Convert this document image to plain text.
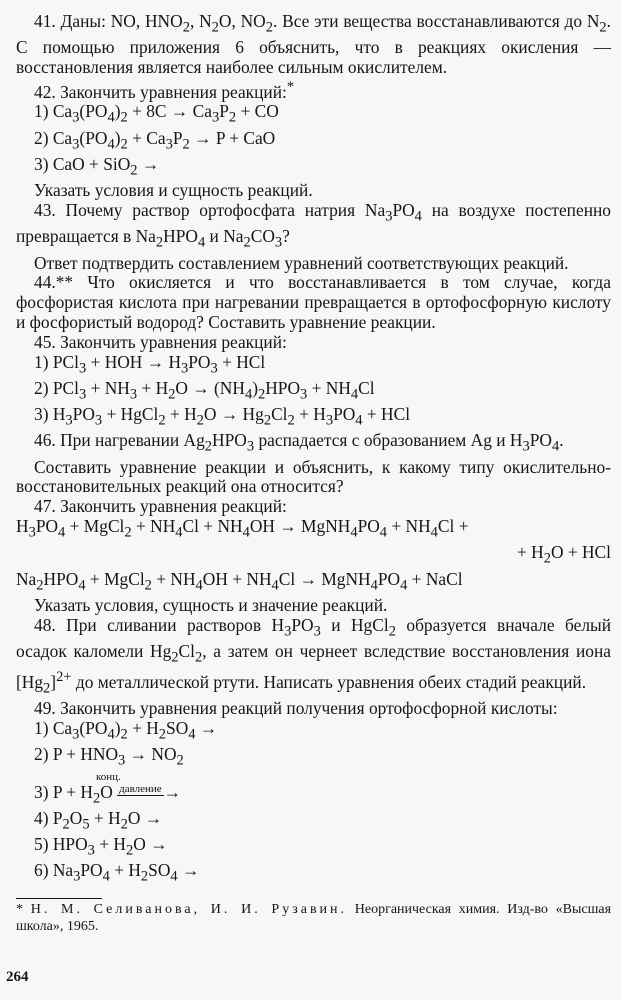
41. Даны: NO, $HNO_2$, $N_2O$, $NO_2$. Все эти вещества восстанавливаются до $N_2$. С помощью приложения 6 объяснить, что в реакциях окисления — восстановления является наиболее сильным окислителем.

42. Закончить уравнения реакций:*

1) $Ca_3(PO_4)_2 + 8C \to Ca_3P_2$ + CO

2) $Ca_3(PO_4)_2 + Ca_3P_2 \to P$ + CaO

3) CaO + SiO$_2$ →

Указать условия и сущность реакций.

43. Почему раствор ортофосфата натрия $Na_3PO_4$ на воздухе постепенно превращается в $Na_2HPO_4$ и $Na_2CO_3$?

Ответ подтвердить составлением уравнений соответствующих реакций.

44.** Что окисляется и что восстанавливается в том случае, когда фосфористая кислота при нагревании превращается в ортофосфорную кислоту и фосфористый водород? Составить уравнение реакции.

45. Закончить уравнения реакций:

1) PCl$_3$ + HOH → $H_3PO_3$ + HCl

2) $PCl_3 + NH_3 + H_2O \to (NH_4)_2HPO_3 + NH_4Cl$

3) $H_3PO_3$ + HgCl$_2$ + $H_2O \to Hg_2Cl_2 + H_3PO_4$ + HCl

46. При нагревании $Ag_2HPO_3$ распадается с образованием Ag и $H_3PO_4$.

Составить уравнение реакции и объяснить, к какому типу окислительно-восстановительных реакций она относится?

47. Закончить уравнения реакций:

$H_3PO_4$ + MgCl$_2$ + $NH_4Cl + NH_4OH$ → $MgNH_4PO_4 + NH_4Cl$ +

+ $H_2O$ + HCl

$Na_2HPO_4$ + MgCl$_2$ + $NH_4OH + NH_4Cl$ → $MgNH_4PO_4$ + NaCl

Указать условия, сущность и значение реакций.

48. При сливании растворов $H_3PO_3$ и HgCl$_2$ образуется вначале белый осадок каломели $Hg_2Cl_2$, а затем он чернеет вследствие восстановления иона $[Hg_2]^{2+}$ до металлической ртути. Написать уравнения обеих стадий реакций.

49. Закончить уравнения реакций получения ортофосфорной кислоты:

1) $Ca_3(PO_4)_2 + H_2SO_4$ →

2) $P + HNO_3 \to NO_2$

конц.

3) $P + H_2O$ давление →

4) $P_2O_5 + H_2O$ →

5) $HPO_3 + H_2O$ →

6) $Na_3PO_4 + H_2SO_4$ →

* Н. М. Селиванова, И. И. Рузавин. Неорганическая химия. Изд-во «Высшая школа», 1965.

264
